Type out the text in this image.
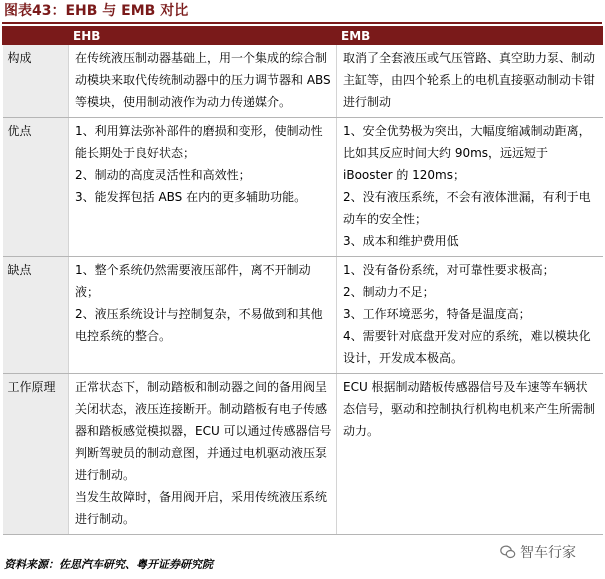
图表43：EHB 与 EMB 对比
	EHB	EMB
构成	在传统液压制动器基础上，用一个集成的综合制动模块来取代传统制动器中的压力调节器和 ABS 等模块，使用制动液作为动力传递媒介。	取消了全套液压或气压管路、真空助力泵、制动主缸等，由四个轮系上的电机直接驱动制动卡钳进行制动

优点	1、利用算法弥补部件的磨损和变形，使制动性能长期处于良好状态；
2、制动的高度灵活性和高效性；
3、能发挥包括 ABS 在内的更多辅助功能。	1、安全优势极为突出，大幅度缩减制动距离，比如其反应时间大约 90ms，远远短于 iBooster 的 120ms；
2、没有液压系统，不会有液体泄漏，有利于电动车的安全性；
3、成本和维护费用低

缺点	1、整个系统仍然需要液压部件，离不开制动液；
2、液压系统设计与控制复杂，不易做到和其他电控系统的整合。	1、没有备份系统，对可靠性要求极高；
2、制动力不足；
3、工作环境恶劣，特备是温度高；
4、需要针对底盘开发对应的系统，难以模块化设计，开发成本极高。

工作原理	正常状态下，制动踏板和制动器之间的备用阀呈关闭状态，液压连接断开。制动踏板有电子传感器和踏板感觉模拟器，ECU 可以通过传感器信号判断驾驶员的制动意图，并通过电机驱动液压泵进行制动。
当发生故障时，备用阀开启，采用传统液压系统进行制动。	ECU 根据制动踏板传感器信号及车速等车辆状态信号，驱动和控制执行机构电机来产生所需制动力。
资料来源：佐思汽车研究、粤开证券研究院
智车行家
